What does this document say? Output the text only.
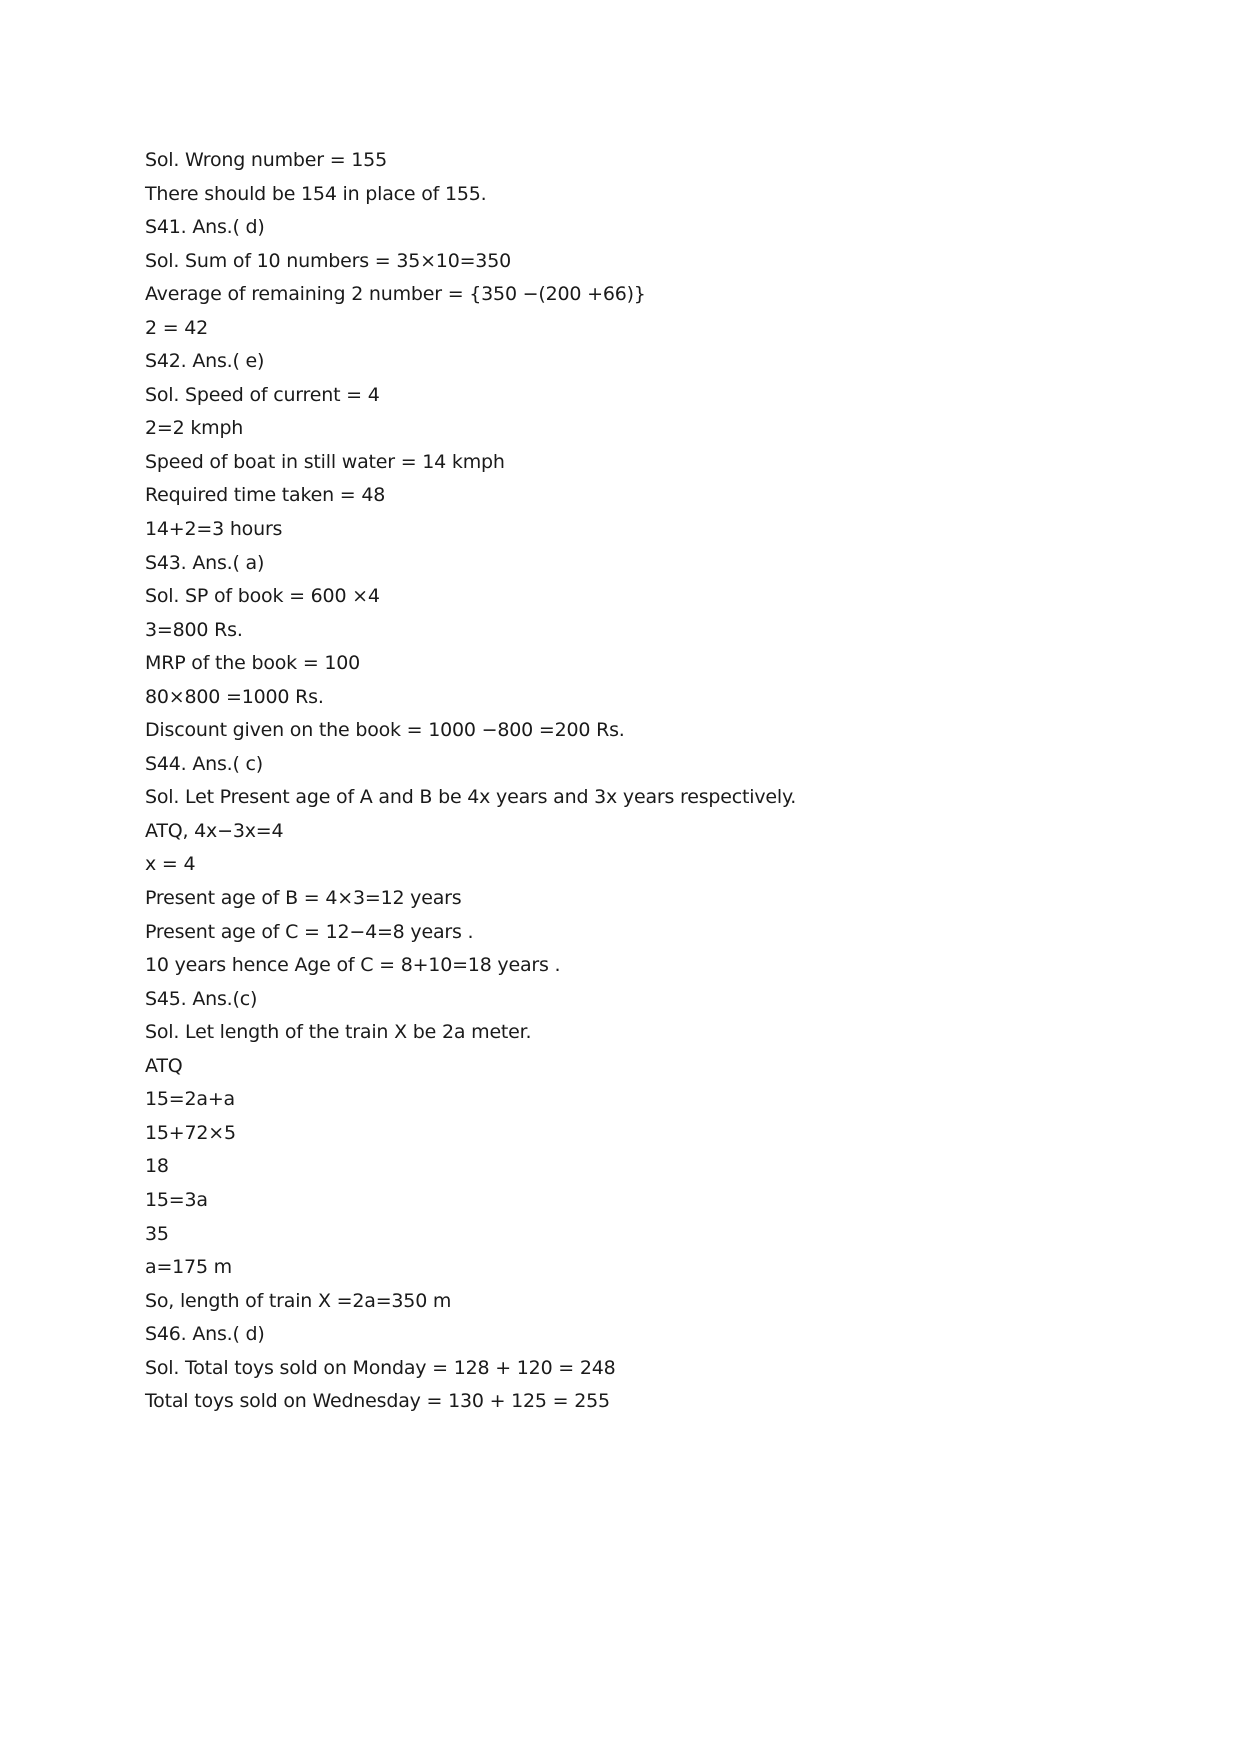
Sol. Wrong number = 155
There should be 154 in place of 155.
S41. Ans.( d)
Sol. Sum of 10 numbers = 35×10=350
Average of remaining 2 number = {350 −(200 +66)}
2 = 42
S42. Ans.( e)
Sol. Speed of current = 4
2=2 kmph
Speed of boat in still water = 14 kmph
Required time taken = 48
14+2=3 hours
S43. Ans.( a)
Sol. SP of book = 600 ×4
3=800 Rs.
MRP of the book = 100
80×800 =1000 Rs.
Discount given on the book = 1000 −800 =200 Rs.
S44. Ans.( c)
Sol. Let Present age of A and B be 4x years and 3x years respectively.
ATQ, 4x−3x=4
x = 4
Present age of B = 4×3=12 years
Present age of C = 12−4=8 years .
10 years hence Age of C = 8+10=18 years .
S45. Ans.(c)
Sol. Let length of the train X be 2a meter.
ATQ
15=2a+a
15+72×5
18
15=3a
35
a=175 m
So, length of train X =2a=350 m
S46. Ans.( d)
Sol. Total toys sold on Monday = 128 + 120 = 248
Total toys sold on Wednesday = 130 + 125 = 255
